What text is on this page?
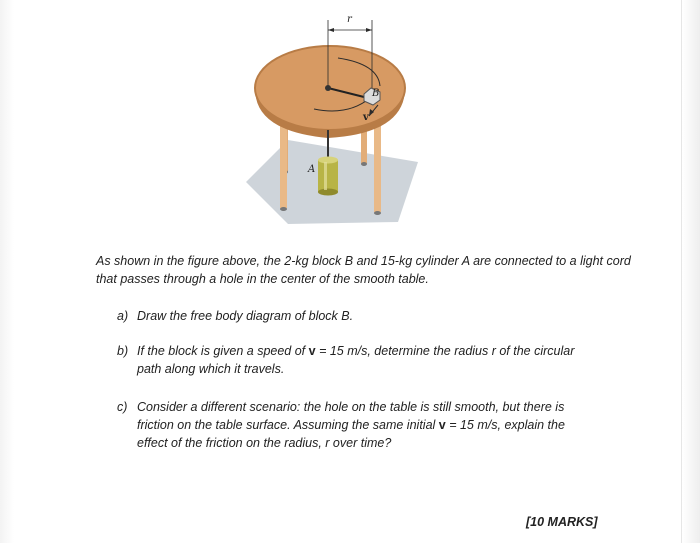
r
B
v
A

As shown in the figure above, the 2-kg block B and 15-kg cylinder A are connected to a light cord that passes through a hole in the center of the smooth table.

a) Draw the free body diagram of block B.
b) If the block is given a speed of v = 15 m/s, determine the radius r of the circular path along which it travels.
c) Consider a different scenario: the hole on the table is still smooth, but there is friction on the table surface. Assuming the same initial v = 15 m/s, explain the effect of the friction on the radius, r over time?
[10 MARKS]
